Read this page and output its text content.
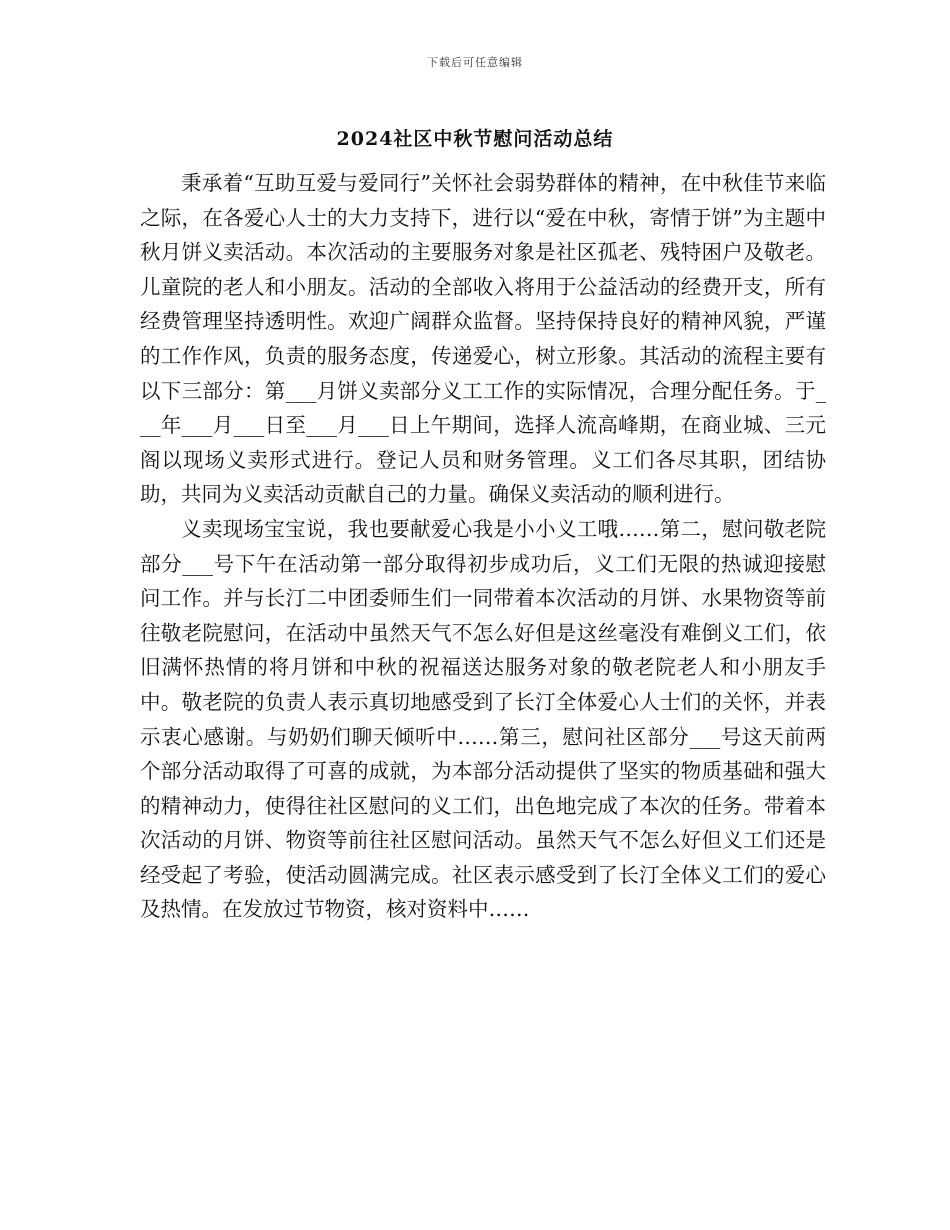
下载后可任意编辑
2024社区中秋节慰问活动总结

秉承着“互助互爱与爱同行”关怀社会弱势群体的精神，在中秋佳节来临之际，在各爱心人士的大力支持下，进行以“爱在中秋，寄情于饼”为主题中秋月饼义卖活动。本次活动的主要服务对象是社区孤老、残特困户及敬老。儿童院的老人和小朋友。活动的全部收入将用于公益活动的经费开支，所有经费管理坚持透明性。欢迎广阔群众监督。坚持保持良好的精神风貌，严谨的工作作风，负责的服务态度，传递爱心，树立形象。其活动的流程主要有以下三部分：第___月饼义卖部分义工工作的实际情况，合理分配任务。于___年___月___日至___月___日上午期间，选择人流高峰期，在商业城、三元阁以现场义卖形式进行。登记人员和财务管理。义工们各尽其职，团结协助，共同为义卖活动贡献自己的力量。确保义卖活动的顺利进行。

义卖现场宝宝说，我也要献爱心我是小小义工哦……第二，慰问敬老院部分___号下午在活动第一部分取得初步成功后，义工们无限的热诚迎接慰问工作。并与长汀二中团委师生们一同带着本次活动的月饼、水果物资等前往敬老院慰问，在活动中虽然天气不怎么好但是这丝毫没有难倒义工们，依旧满怀热情的将月饼和中秋的祝福送达服务对象的敬老院老人和小朋友手中。敬老院的负责人表示真切地感受到了长汀全体爱心人士们的关怀，并表示衷心感谢。与奶奶们聊天倾听中……第三，慰问社区部分___号这天前两个部分活动取得了可喜的成就，为本部分活动提供了坚实的物质基础和强大的精神动力，使得往社区慰问的义工们，出色地完成了本次的任务。带着本次活动的月饼、物资等前往社区慰问活动。虽然天气不怎么好但义工们还是经受起了考验，使活动圆满完成。社区表示感受到了长汀全体义工们的爱心及热情。在发放过节物资，核对资料中……
